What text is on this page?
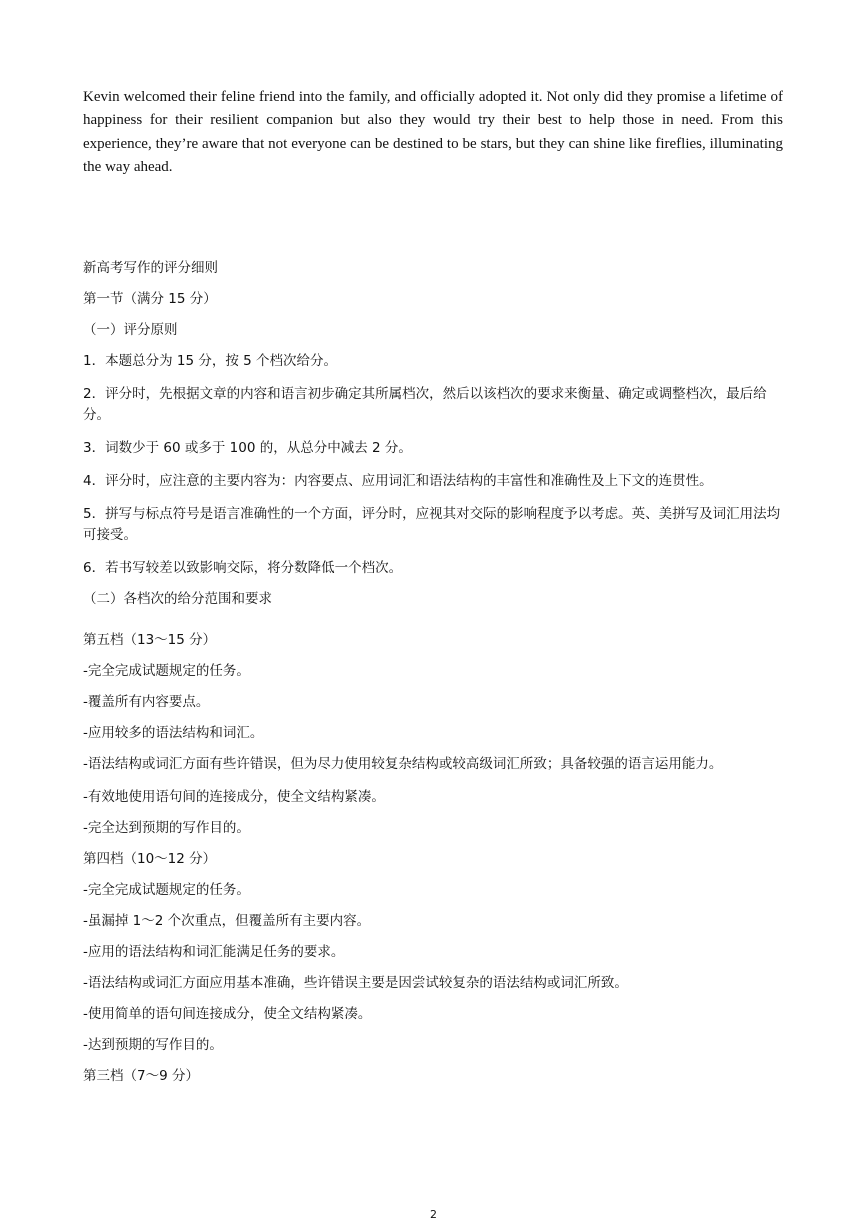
Kevin welcomed their feline friend into the family, and officially adopted it. Not only did they promise a lifetime of happiness for their resilient companion but also they would try their best to help those in need. From this experience, they’re aware that not everyone can be destined to be stars, but they can shine like fireflies, illuminating the way ahead.

新高考写作的评分细则

第一节（满分 15 分）

（一）评分原则

1．本题总分为 15 分，按 5 个档次给分。

2．评分时，先根据文章的内容和语言初步确定其所属档次，然后以该档次的要求来衡量、确定或调整档次，最后给分。

3．词数少于 60 或多于 100 的，从总分中减去 2 分。

4．评分时，应注意的主要内容为：内容要点、应用词汇和语法结构的丰富性和准确性及上下文的连贯性。

5．拼写与标点符号是语言准确性的一个方面，评分时，应视其对交际的影响程度予以考虑。英、美拼写及词汇用法均可接受。

6．若书写较差以致影响交际，将分数降低一个档次。

（二）各档次的给分范围和要求

第五档（13～15 分）

-完全完成试题规定的任务。

-覆盖所有内容要点。

-应用较多的语法结构和词汇。

-语法结构或词汇方面有些许错误，但为尽力使用较复杂结构或较高级词汇所致；具备较强的语言运用能力。

-有效地使用语句间的连接成分，使全文结构紧凑。

-完全达到预期的写作目的。

第四档（10～12 分）

-完全完成试题规定的任务。

-虽漏掉 1～2 个次重点，但覆盖所有主要内容。

-应用的语法结构和词汇能满足任务的要求。

-语法结构或词汇方面应用基本准确，些许错误主要是因尝试较复杂的语法结构或词汇所致。

-使用简单的语句间连接成分，使全文结构紧凑。

-达到预期的写作目的。

第三档（7～9 分）

2
